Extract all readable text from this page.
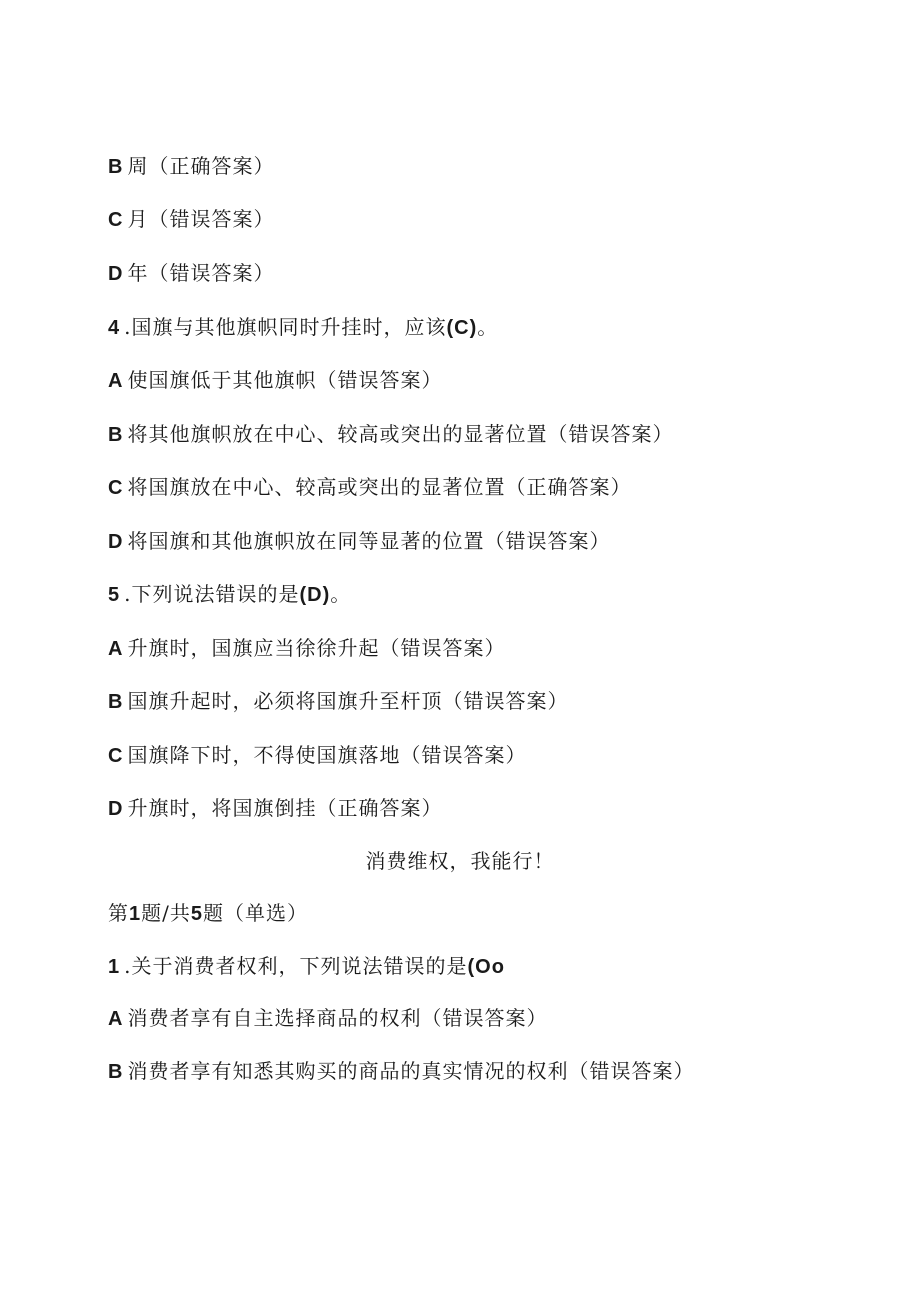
B 周（正确答案）
C 月（错误答案）
D 年（错误答案）
4 .国旗与其他旗帜同时升挂时，应该(C)。
A 使国旗低于其他旗帜（错误答案）
B 将其他旗帜放在中心、较高或突出的显著位置（错误答案）
C 将国旗放在中心、较高或突出的显著位置（正确答案）
D 将国旗和其他旗帜放在同等显著的位置（错误答案）
5 .下列说法错误的是(D)。
A 升旗时，国旗应当徐徐升起（错误答案）
B 国旗升起时，必须将国旗升至杆顶（错误答案）
C 国旗降下时，不得使国旗落地（错误答案）
D 升旗时，将国旗倒挂（正确答案）
消费维权，我能行！
第1题/共5题（单选）
1 .关于消费者权利，下列说法错误的是(Oo
A 消费者享有自主选择商品的权利（错误答案）
B 消费者享有知悉其购买的商品的真实情况的权利（错误答案）
